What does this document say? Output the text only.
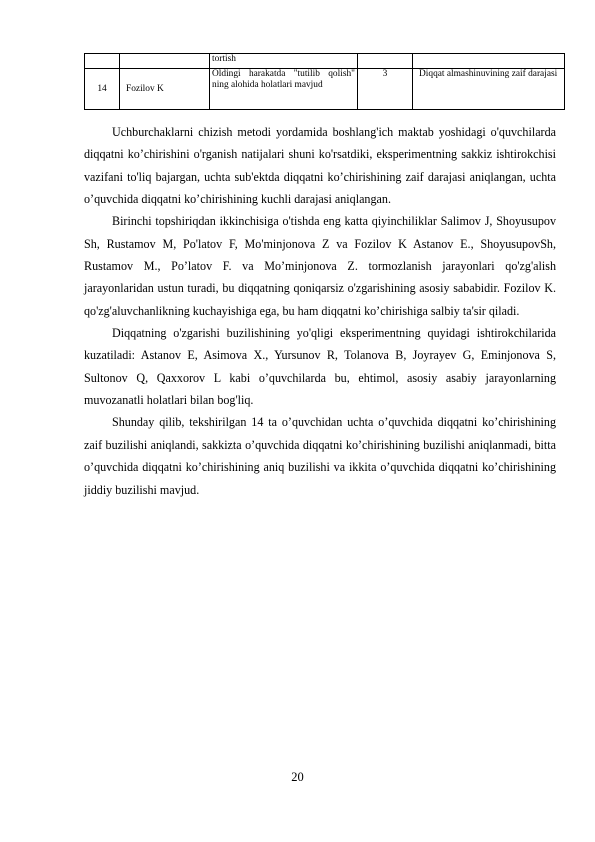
		tortish		
14	Fozilov K	Oldingi harakatda "tutilib qolish" ning alohida holatlari mavjud	3	Diqqat almashinuvining zaif darajasi

Uchburchaklarni chizish metodi yordamida boshlang'ich maktab yoshidagi o'quvchilarda diqqatni ko’chirishini o'rganish natijalari shuni ko'rsatdiki, eksperimentning sakkiz ishtirokchisi vazifani to'liq bajargan, uchta sub'ektda diqqatni ko’chirishining zaif darajasi aniqlangan, uchta o’quvchida diqqatni ko’chirishining kuchli darajasi aniqlangan.

Birinchi topshiriqdan ikkinchisiga o'tishda eng katta qiyinchiliklar Salimov J, Shoyusupov Sh, Rustamov M, Po'latov F, Mo'minjonova Z va Fozilov K Astanov E., ShoyusupovSh, Rustamov M., Po’latov F. va Mo’minjonova Z. tormozlanish jarayonlari qo'zg'alish jarayonlaridan ustun turadi, bu diqqatning qoniqarsiz o'zgarishining asosiy sababidir. Fozilov K. qo'zg'aluvchanlikning kuchayishiga ega, bu ham diqqatni ko’chirishiga salbiy ta'sir qiladi.

Diqqatning o'zgarishi buzilishining yo'qligi eksperimentning quyidagi ishtirokchilarida kuzatiladi: Astanov E, Asimova X., Yursunov R, Tolanova B, Joyrayev G, Eminjonova S, Sultonov Q, Qaxxorov L kabi o’quvchilarda bu, ehtimol, asosiy asabiy jarayonlarning muvozanatli holatlari bilan bog'liq.

Shunday qilib, tekshirilgan 14 ta o’quvchidan uchta o’quvchida diqqatni ko’chirishining zaif buzilishi aniqlandi, sakkizta o’quvchida diqqatni ko’chirishining buzilishi aniqlanmadi, bitta o’quvchida diqqatni ko’chirishining aniq buzilishi va ikkita o’quvchida diqqatni ko’chirishining jiddiy buzilishi mavjud.

20
